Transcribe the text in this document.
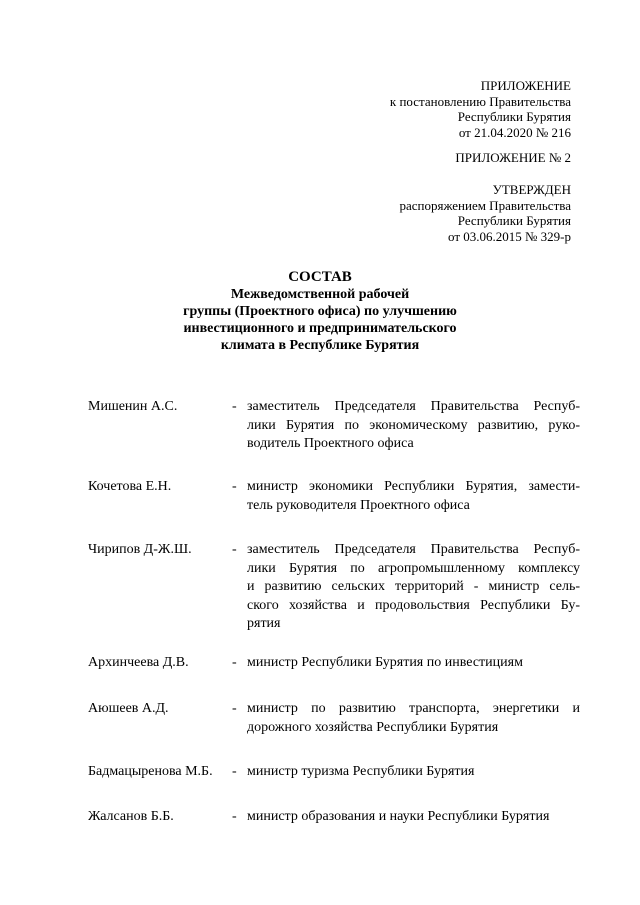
ПРИЛОЖЕНИЕ
к постановлению Правительства
Республики Бурятия
от 21.04.2020 № 216
ПРИЛОЖЕНИЕ № 2
УТВЕРЖДЕН
распоряжением Правительства
Республики Бурятия
от 03.06.2015 № 329-р
СОСТАВ
Межведомственной рабочей
группы (Проектного офиса) по улучшению
инвестиционного и предпринимательского
климата в Республике Бурятия
Мишенин А.С.	- заместитель Председателя Правительства Респуб-
лики Бурятия по экономическому развитию, руко-
водитель Проектного офиса
Кочетова Е.Н.	- министр экономики Республики Бурятия, замести-
тель руководителя Проектного офиса
Чирипов Д-Ж.Ш.	- заместитель Председателя Правительства Респуб-
лики Бурятия по агропромышленному комплексу
и развитию сельских территорий - министр сель-
ского хозяйства и продовольствия Республики Бу-
рятия
Архинчеева Д.В.	- министр Республики Бурятия по инвестициям
Аюшеев А.Д.	- министр по развитию транспорта, энергетики и
дорожного хозяйства Республики Бурятия
Бадмацыренова М.Б. - министр туризма Республики Бурятия
Жалсанов Б.Б.	- министр образования и науки Республики Бурятия
